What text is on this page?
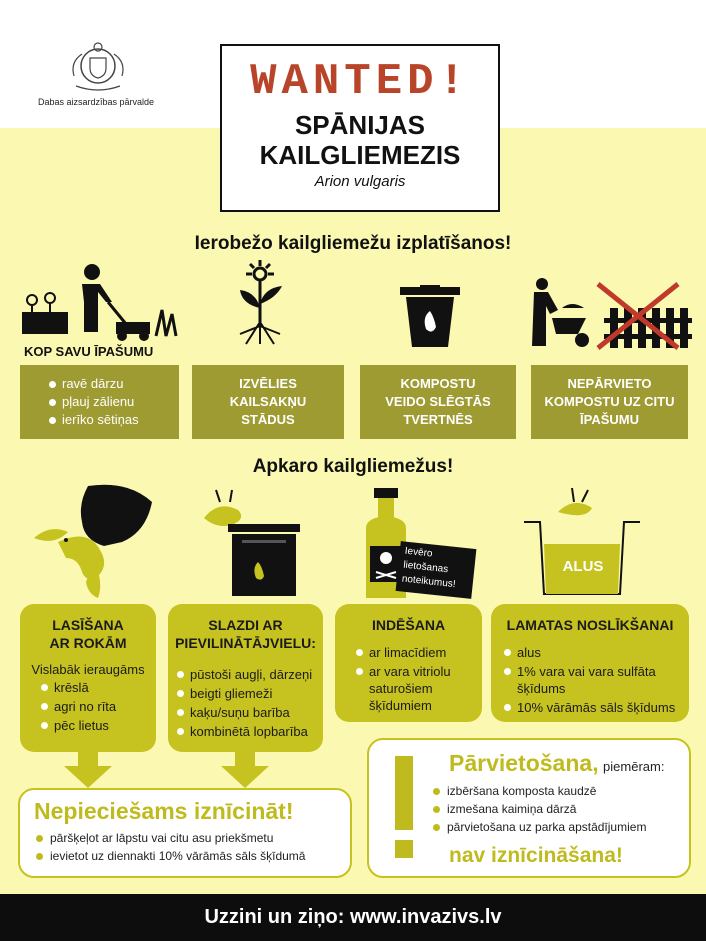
Dabas aizsardzības pārvalde	WANTED!
SPĀNIJAS
KAILGLIEMEZIS
Arion vulgaris
Ierobežo kailgliemežu izplatīšanos!
KOP SAVU ĪPAŠUMU
ravē dārzu
pļauj zālienu
ierīko sētiņas
IZVĒLIES
KAILSAKŅU
STĀDUS
KOMPOSTU
VEIDO SLĒGTĀS
TVERTNĒS
NEPĀRVIETO
KOMPOSTU UZ CITU
ĪPAŠUMU
Apkaro kailgliemežus!
Ievēro
lietošanas
noteikumus!
ALUS
LASĪŠANA
AR ROKĀM
Vislabāk ieraugāms
krēslā
agri no rīta
pēc lietus
SLAZDI AR
PIEVILINĀTĀJVIELU:
pūstoši augļi, dārzeņi
beigti gliemeži
kaķu/suņu barība
kombinētā lopbarība
INDĒŠANA
ar limacīdiem
ar vara vitriolu saturošiem šķīdumiem
LAMATAS NOSLĪKŠANAI
alus
1% vara vai vara sulfāta šķīdums
10% vārāmās sāls šķīdums
Nepieciešams iznīcināt!
pāršķeļot ar lāpstu vai citu asu priekšmetu
ievietot uz diennakti 10% vārāmās sāls šķīdumā
Pārvietošana, piemēram:
izbēršana komposta kaudzē
izmešana kaimiņa dārzā
pārvietošana uz parka apstādījumiem
nav iznīcināšana!
Uzzini un ziņo: www.invazivs.lv
